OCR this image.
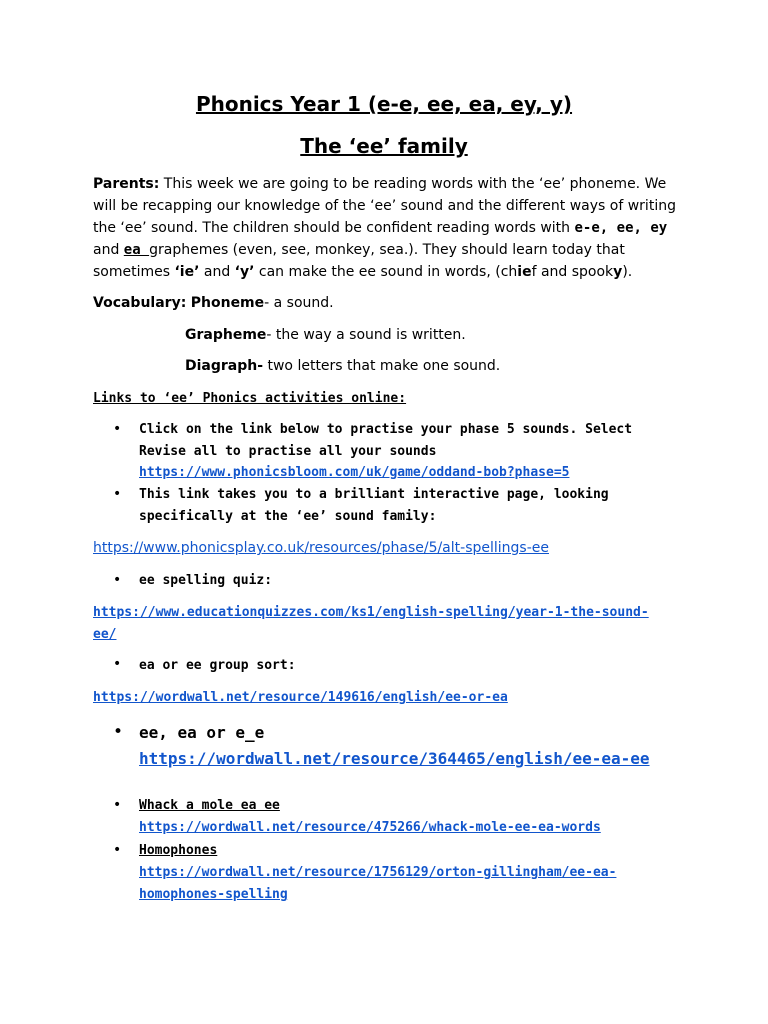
Phonics Year 1 (e-e, ee, ea, ey, y)
The ‘ee’ family
Parents: This week we are going to be reading words with the ‘ee’ phoneme. We will be recapping our knowledge of the ‘ee’ sound and the different ways of writing the ‘ee’ sound. The children should be confident reading words with e-e, ee, ey and ea graphemes (even, see, monkey, sea.). They should learn today that sometimes ‘ie’ and ‘y’ can make the ee sound in words, (chief and spooky).
Vocabulary: Phoneme- a sound.
Grapheme- the way a sound is written.
Diagraph- two letters that make one sound.
Links to ‘ee’ Phonics activities online:
• Click on the link below to practise your phase 5 sounds. Select Revise all to practise all your sounds
https://www.phonicsbloom.com/uk/game/oddand-bob?phase=5
• This link takes you to a brilliant interactive page, looking specifically at the ‘ee’ sound family:
https://www.phonicsplay.co.uk/resources/phase/5/alt-spellings-ee
• ee spelling quiz:
https://www.educationquizzes.com/ks1/english-spelling/year-1-the-sound-
ee/
• ea or ee group sort:
https://wordwall.net/resource/149616/english/ee-or-ea
• ee, ea or e_e
https://wordwall.net/resource/364465/english/ee-ea-ee
• Whack a mole ea ee
https://wordwall.net/resource/475266/whack-mole-ee-ea-words
• Homophones
https://wordwall.net/resource/1756129/orton-gillingham/ee-ea-
homophones-spelling
